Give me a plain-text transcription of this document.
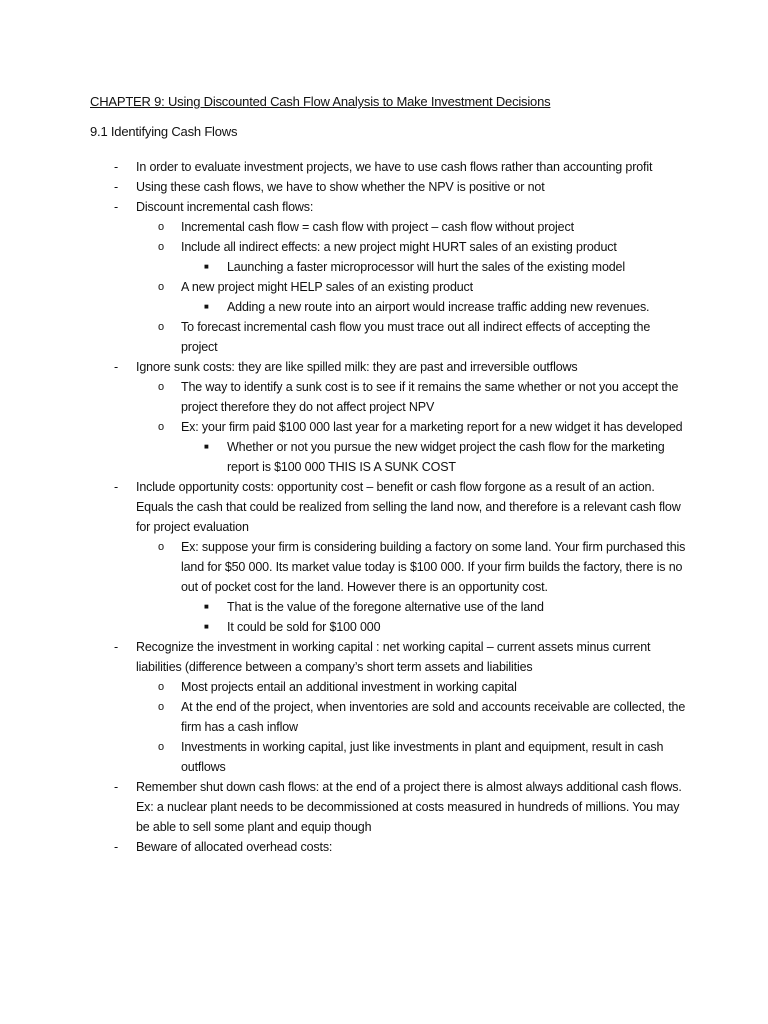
CHAPTER 9: Using Discounted Cash Flow Analysis to Make Investment Decisions
9.1 Identifying Cash Flows
- In order to evaluate investment projects, we have to use cash flows rather than accounting profit
- Using these cash flows, we have to show whether the NPV is positive or not
- Discount incremental cash flows:
o Incremental cash flow = cash flow with project – cash flow without project
o Include all indirect effects: a new project might HURT sales of an existing product
■ Launching a faster microprocessor will hurt the sales of the existing model
o A new project might HELP sales of an existing product
■ Adding a new route into an airport would increase traffic adding new revenues.
o To forecast incremental cash flow you must trace out all indirect effects of accepting the project
- Ignore sunk costs: they are like spilled milk: they are past and irreversible outflows
o The way to identify a sunk cost is to see if it remains the same whether or not you accept the project therefore they do not affect project NPV
o Ex: your firm paid $100 000 last year for a marketing report for a new widget it has developed
■ Whether or not you pursue the new widget project the cash flow for the marketing report is $100 000 THIS IS A SUNK COST
- Include opportunity costs: opportunity cost – benefit or cash flow forgone as a result of an action. Equals the cash that could be realized from selling the land now, and therefore is a relevant cash flow for project evaluation
o Ex: suppose your firm is considering building a factory on some land. Your firm purchased this land for $50 000. Its market value today is $100 000. If your firm builds the factory, there is no out of pocket cost for the land. However there is an opportunity cost.
■ That is the value of the foregone alternative use of the land
■ It could be sold for $100 000
- Recognize the investment in working capital : net working capital – current assets minus current liabilities (difference between a company’s short term assets and liabilities
o Most projects entail an additional investment in working capital
o At the end of the project, when inventories are sold and accounts receivable are collected, the firm has a cash inflow
o Investments in working capital, just like investments in plant and equipment, result in cash outflows
- Remember shut down cash flows: at the end of a project there is almost always additional cash flows. Ex: a nuclear plant needs to be decommissioned at costs measured in hundreds of millions. You may be able to sell some plant and equip though
- Beware of allocated overhead costs:
